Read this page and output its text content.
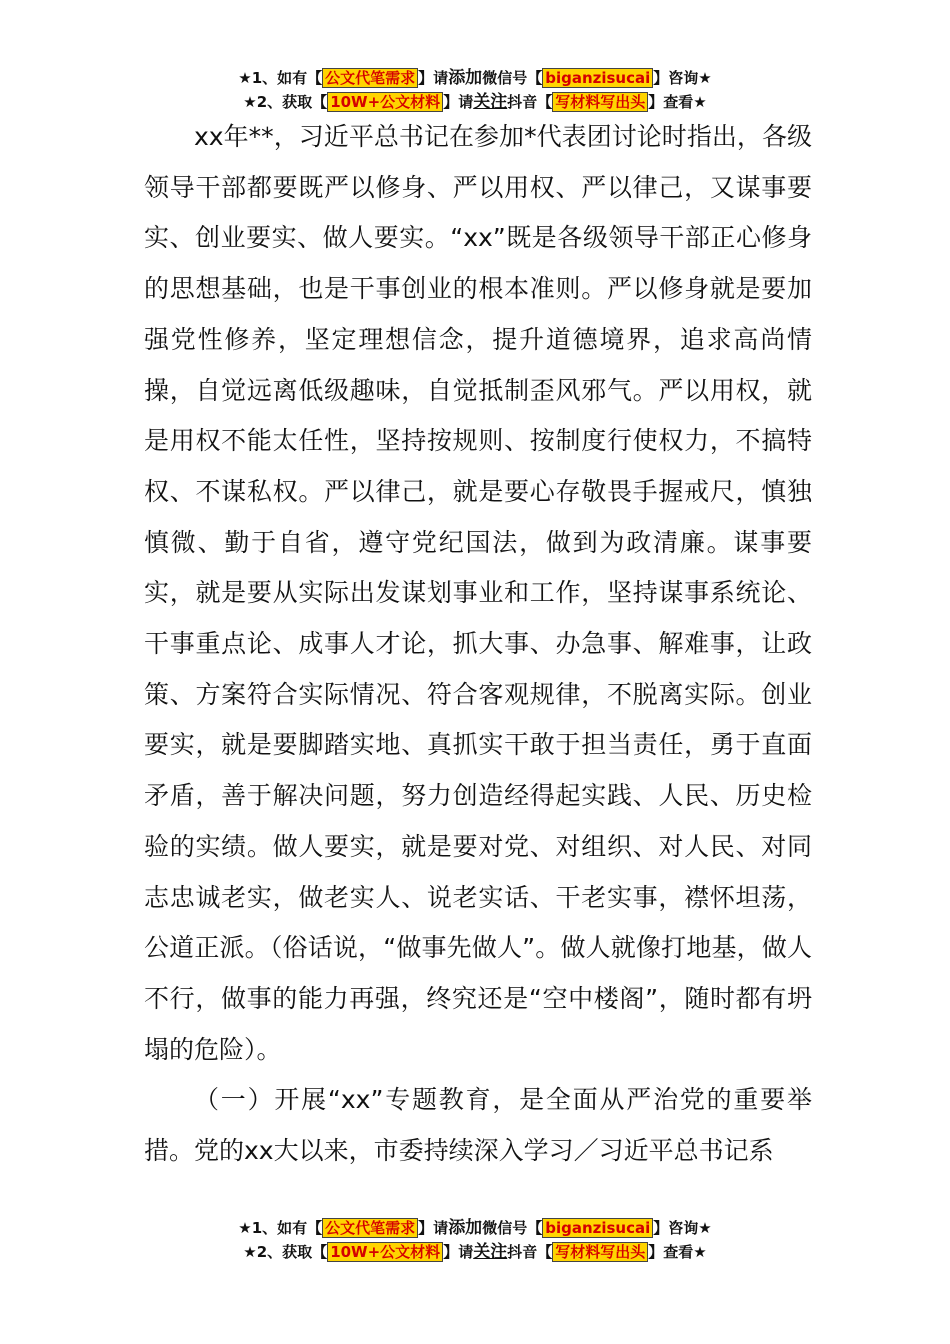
★1、如有【 公文代笔需求 】请添加微信号【 biganzisucai 】咨询★
★2、获取【 10W+公文材料 】请关注抖音【 写材料写出头 】查看★

xx年**，习近平总书记在参加*代表团讨论时指出，各级领导干部都要既严以修身、严以用权、严以律己，又谋事要实、创业要实、做人要实。“xx”既是各级领导干部正心修身的思想基础，也是干事创业的根本准则。严以修身就是要加强党性修养，坚定理想信念，提升道德境界，追求高尚情操，自觉远离低级趣味，自觉抵制歪风邪气。严以用权，就是用权不能太任性，坚持按规则、按制度行使权力，不搞特权、不谋私权。严以律己，就是要心存敬畏手握戒尺，慎独慎微、勤于自省，遵守党纪国法，做到为政清廉。谋事要实，就是要从实际出发谋划事业和工作，坚持谋事系统论、干事重点论、成事人才论，抓大事、办急事、解难事，让政策、方案符合实际情况、符合客观规律，不脱离实际。创业要实，就是要脚踏实地、真抓实干敢于担当责任，勇于直面矛盾，善于解决问题，努力创造经得起实践、人民、历史检验的实绩。做人要实，就是要对党、对组织、对人民、对同志忠诚老实，做老实人、说老实话、干老实事，襟怀坦荡，公道正派。（俗话说，“做事先做人”。做人就像打地基，做人不行，做事的能力再强，终究还是“空中楼阁”，随时都有坍塌的危险）。

（一）开展“xx”专题教育，是全面从严治党的重要举措。党的xx大以来，市委持续深入学习／习近平总书记系

★1、如有【 公文代笔需求 】请添加微信号【 biganzisucai 】咨询★
★2、获取【 10W+公文材料 】请关注抖音【 写材料写出头 】查看★
